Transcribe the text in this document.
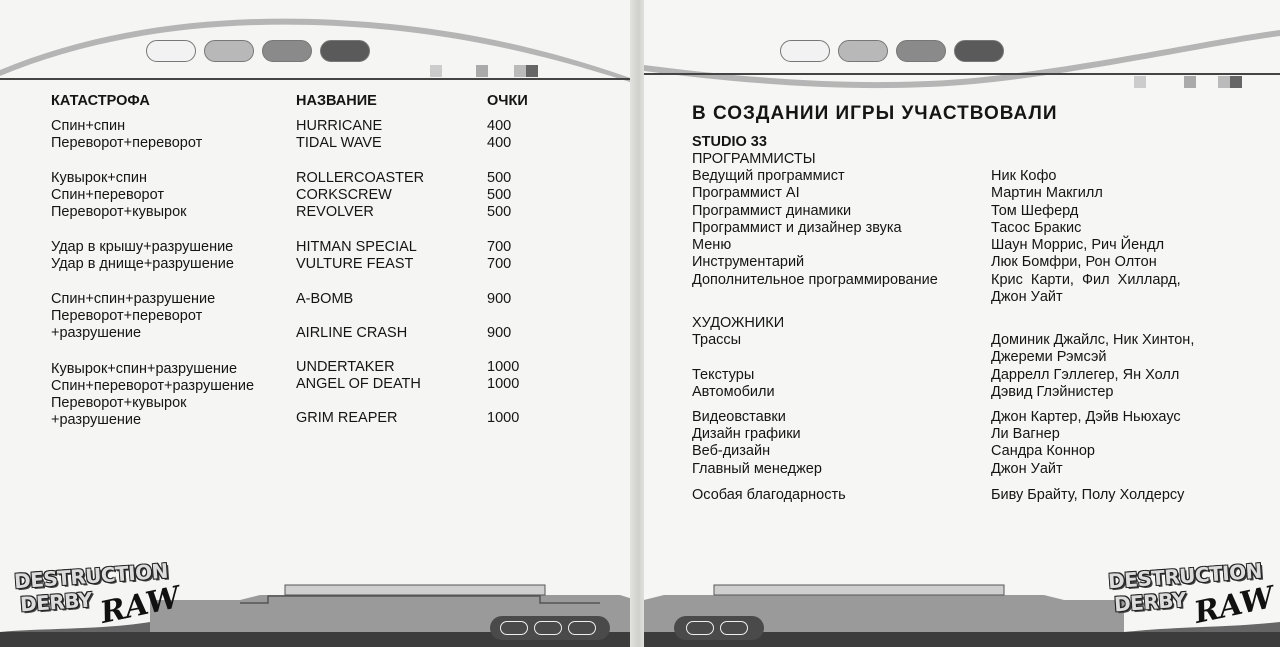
КАТАСТРОФА	НАЗВАНИЕ	ОЧКИ
Спин+спин	HURRICANE	400
Переворот+переворот	TIDAL WAVE	400
Кувырок+спин	ROLLERCOASTER	500
Спин+переворот	CORKSCREW	500
Переворот+кувырок	REVOLVER	500
Удар в крышу+разрушение	HITMAN SPECIAL	700
Удар в днище+разрушение	VULTURE FEAST	700
Спин+спин+разрушение	A-BOMB	900
Переворот+переворот
+разрушение	AIRLINE CRASH	900
Кувырок+спин+разрушение	UNDERTAKER	1000
Спин+переворот+разрушение	ANGEL OF DEATH	1000
Переворот+кувырок
+разрушение	GRIM REAPER	1000
DESTRUCTION
DERBY RAW
В СОЗДАНИИ ИГРЫ УЧАСТВОВАЛИ
STUDIO 33
ПРОГРАММИСТЫ
Ведущий программист	Ник Кофо
Программист AI	Мартин Макгилл
Программист динамики	Том Шеферд
Программист и дизайнер звука	Тасос Бракис
Меню	Шаун Моррис, Рич Йендл
Инструментарий	Люк Бомфри, Рон Олтон
Дополнительное программирование	Крис  Карти,  Фил  Хиллард,
Джон Уайт
ХУДОЖНИКИ
Трассы	Доминик Джайлс, Ник Хинтон,
Джереми Рэмсэй
Текстуры	Даррелл Гэллегер, Ян Холл
Автомобили	Дэвид Глэйнистер
Видеовставки	Джон Картер, Дэйв Ньюхаус
Дизайн графики	Ли Вагнер
Веб-дизайн	Сандра Коннор
Главный менеджер	Джон Уайт
Особая благодарность	Биву Брайту, Полу Холдерсу
DESTRUCTION
DERBY RAW
